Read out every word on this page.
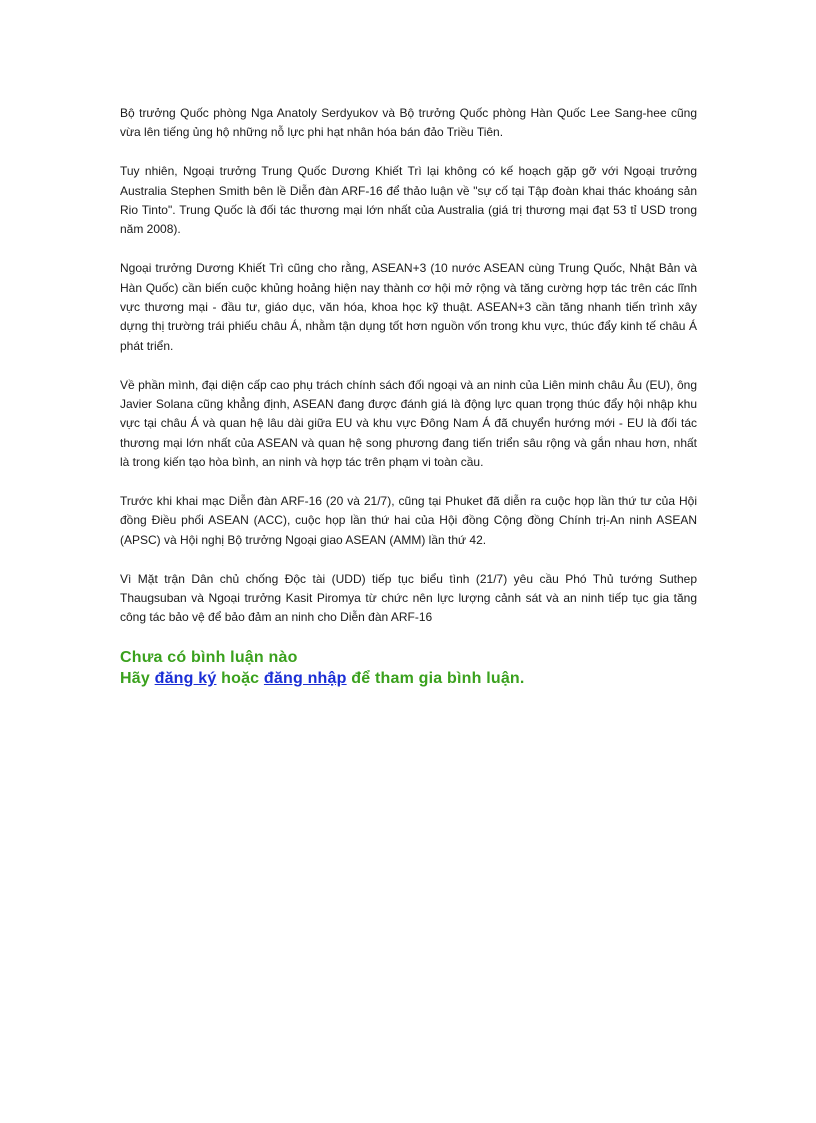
Bộ trưởng Quốc phòng Nga Anatoly Serdyukov và Bộ trưởng Quốc phòng Hàn Quốc Lee Sang-hee cũng vừa lên tiếng ủng hộ những nỗ lực phi hạt nhân hóa bán đảo Triều Tiên.

Tuy nhiên, Ngoại trưởng Trung Quốc Dương Khiết Trì lại không có kế hoạch gặp gỡ với Ngoại trưởng Australia Stephen Smith bên lề Diễn đàn ARF-16 để thảo luận về "sự cố tại Tập đoàn khai thác khoáng sản Rio Tinto". Trung Quốc là đối tác thương mại lớn nhất của Australia (giá trị thương mại đạt 53 tỉ USD trong năm 2008).

Ngoại trưởng Dương Khiết Trì cũng cho rằng, ASEAN+3 (10 nước ASEAN cùng Trung Quốc, Nhật Bản và Hàn Quốc) cần biến cuộc khủng hoảng hiện nay thành cơ hội mở rộng và tăng cường hợp tác trên các lĩnh vực thương mại - đầu tư, giáo dục, văn hóa, khoa học kỹ thuật. ASEAN+3 cần tăng nhanh tiến trình xây dựng thị trường trái phiếu châu Á, nhằm tận dụng tốt hơn nguồn vốn trong khu vực, thúc đẩy kinh tế châu Á phát triển.

Về phần mình, đại diện cấp cao phụ trách chính sách đối ngoại và an ninh của Liên minh châu Âu (EU), ông Javier Solana cũng khẳng định, ASEAN đang được đánh giá là động lực quan trọng thúc đẩy hội nhập khu vực tại châu Á và quan hệ lâu dài giữa EU và khu vực Đông Nam Á đã chuyển hướng mới - EU là đối tác thương mại lớn nhất của ASEAN và quan hệ song phương đang tiến triển sâu rộng và gắn nhau hơn, nhất là trong kiến tạo hòa bình, an ninh và hợp tác trên phạm vi toàn cầu.

Trước khi khai mạc Diễn đàn ARF-16 (20 và 21/7), cũng tại Phuket đã diễn ra cuộc họp lần thứ tư của Hội đồng Điều phối ASEAN (ACC), cuộc họp lần thứ hai của Hội đồng Cộng đồng Chính trị-An ninh ASEAN (APSC) và Hội nghị Bộ trưởng Ngoại giao ASEAN (AMM) lần thứ 42.

Vì Mặt trận Dân chủ chống Độc tài (UDD) tiếp tục biểu tình (21/7) yêu cầu Phó Thủ tướng Suthep Thaugsuban và Ngoại trưởng Kasit Piromya từ chức nên lực lượng cảnh sát và an ninh tiếp tục gia tăng công tác bảo vệ để bảo đảm an ninh cho Diễn đàn ARF-16

Chưa có bình luận nào
Hãy đăng ký hoặc đăng nhập để tham gia bình luận.
